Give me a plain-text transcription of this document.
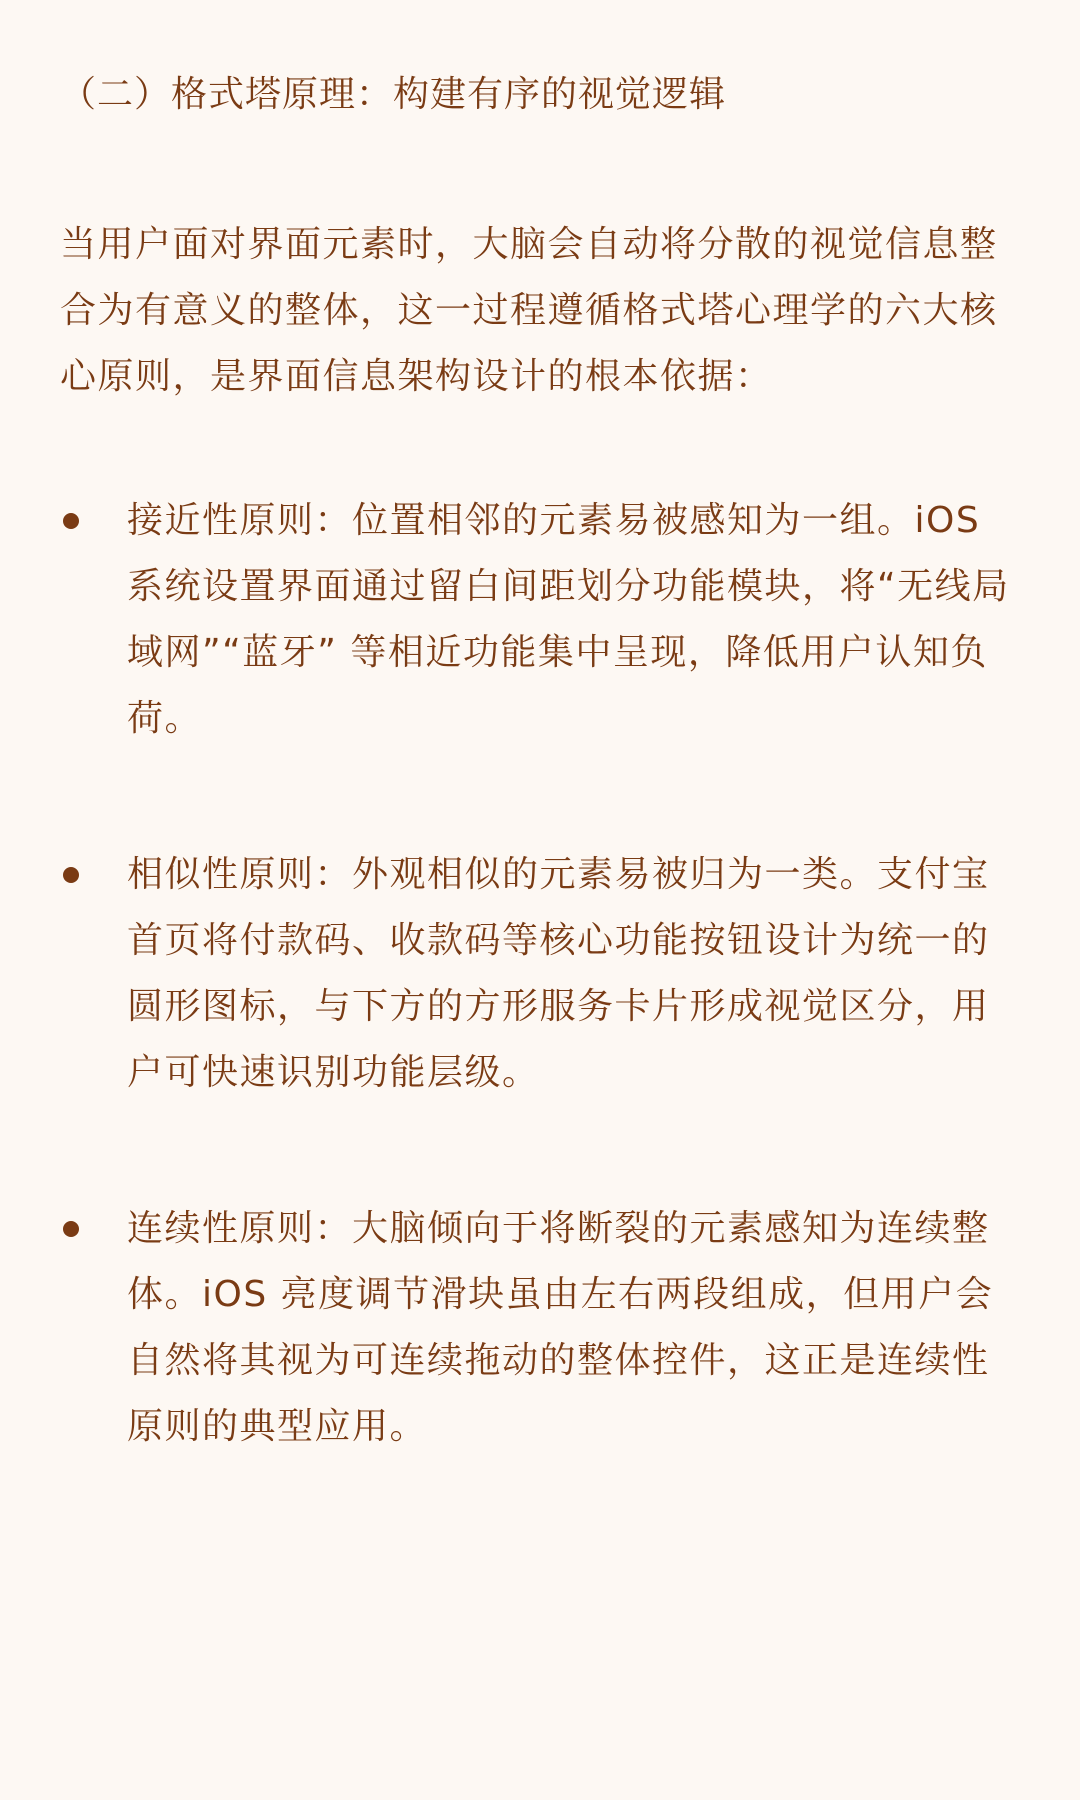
（二）格式塔原理：构建有序的视觉逻辑

当用户面对界面元素时，大脑会自动将分散的视觉信息整合为有意义的整体，这一过程遵循格式塔心理学的六大核心原则，是界面信息架构设计的根本依据：

接近性原则：位置相邻的元素易被感知为一组。iOS 系统设置界面通过留白间距划分功能模块，将“无线局域网”“蓝牙” 等相近功能集中呈现，降低用户认知负荷。
相似性原则：外观相似的元素易被归为一类。支付宝首页将付款码、收款码等核心功能按钮设计为统一的圆形图标，与下方的方形服务卡片形成视觉区分，用户可快速识别功能层级。
连续性原则：大脑倾向于将断裂的元素感知为连续整体。iOS 亮度调节滑块虽由左右两段组成，但用户会自然将其视为可连续拖动的整体控件，这正是连续性原则的典型应用。
